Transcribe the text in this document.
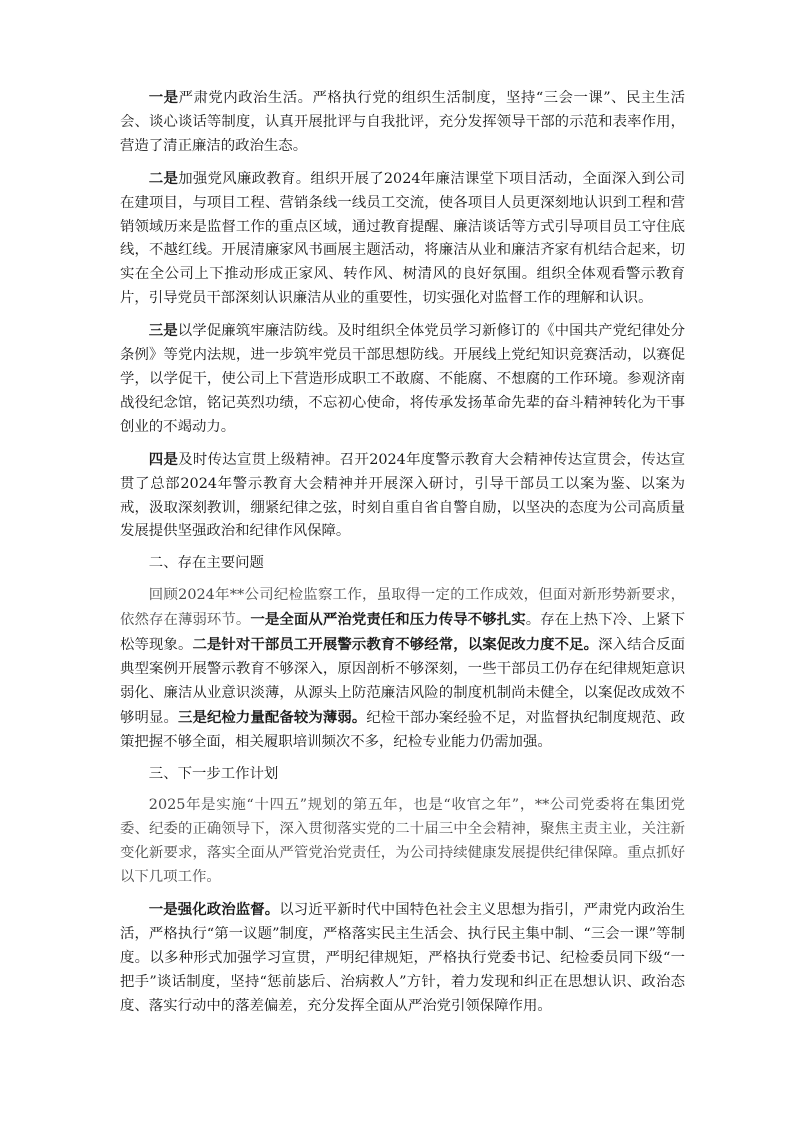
一是严肃党内政治生活。严格执行党的组织生活制度，坚持“三会一课”、民主生活会、谈心谈话等制度，认真开展批评与自我批评，充分发挥领导干部的示范和表率作用，营造了清正廉洁的政治生态。

二是加强党风廉政教育。组织开展了2024年廉洁课堂下项目活动，全面深入到公司在建项目，与项目工程、营销条线一线员工交流，使各项目人员更深刻地认识到工程和营销领域历来是监督工作的重点区域，通过教育提醒、廉洁谈话等方式引导项目员工守住底线，不越红线。开展清廉家风书画展主题活动，将廉洁从业和廉洁齐家有机结合起来，切实在全公司上下推动形成正家风、转作风、树清风的良好氛围。组织全体观看警示教育片，引导党员干部深刻认识廉洁从业的重要性，切实强化对监督工作的理解和认识。

三是以学促廉筑牢廉洁防线。及时组织全体党员学习新修订的《中国共产党纪律处分条例》等党内法规，进一步筑牢党员干部思想防线。开展线上党纪知识竞赛活动，以赛促学，以学促干，使公司上下营造形成职工不敢腐、不能腐、不想腐的工作环境。参观济南战役纪念馆，铭记英烈功绩，不忘初心使命，将传承发扬革命先辈的奋斗精神转化为干事创业的不竭动力。

四是及时传达宣贯上级精神。召开2024年度警示教育大会精神传达宣贯会，传达宣贯了总部2024年警示教育大会精神并开展深入研讨，引导干部员工以案为鉴、以案为戒，汲取深刻教训，绷紧纪律之弦，时刻自重自省自警自励，以坚决的态度为公司高质量发展提供坚强政治和纪律作风保障。

二、存在主要问题

回顾2024年**公司纪检监察工作，虽取得一定的工作成效，但面对新形势新要求，依然存在薄弱环节。一是全面从严治党责任和压力传导不够扎实。存在上热下冷、上紧下松等现象。二是针对干部员工开展警示教育不够经常，以案促改力度不足。深入结合反面典型案例开展警示教育不够深入，原因剖析不够深刻，一些干部员工仍存在纪律规矩意识弱化、廉洁从业意识淡薄，从源头上防范廉洁风险的制度机制尚未健全，以案促改成效不够明显。三是纪检力量配备较为薄弱。纪检干部办案经验不足，对监督执纪制度规范、政策把握不够全面，相关履职培训频次不多，纪检专业能力仍需加强。

三、下一步工作计划

2025年是实施“十四五”规划的第五年，也是“收官之年”，**公司党委将在集团党委、纪委的正确领导下，深入贯彻落实党的二十届三中全会精神，聚焦主责主业，关注新变化新要求，落实全面从严管党治党责任，为公司持续健康发展提供纪律保障。重点抓好以下几项工作。

一是强化政治监督。以习近平新时代中国特色社会主义思想为指引，严肃党内政治生活，严格执行“第一议题”制度，严格落实民主生活会、执行民主集中制、“三会一课”等制度。以多种形式加强学习宣贯，严明纪律规矩，严格执行党委书记、纪检委员同下级“一把手”谈话制度，坚持“惩前毖后、治病救人”方针，着力发现和纠正在思想认识、政治态度、落实行动中的落差偏差，充分发挥全面从严治党引领保障作用。
